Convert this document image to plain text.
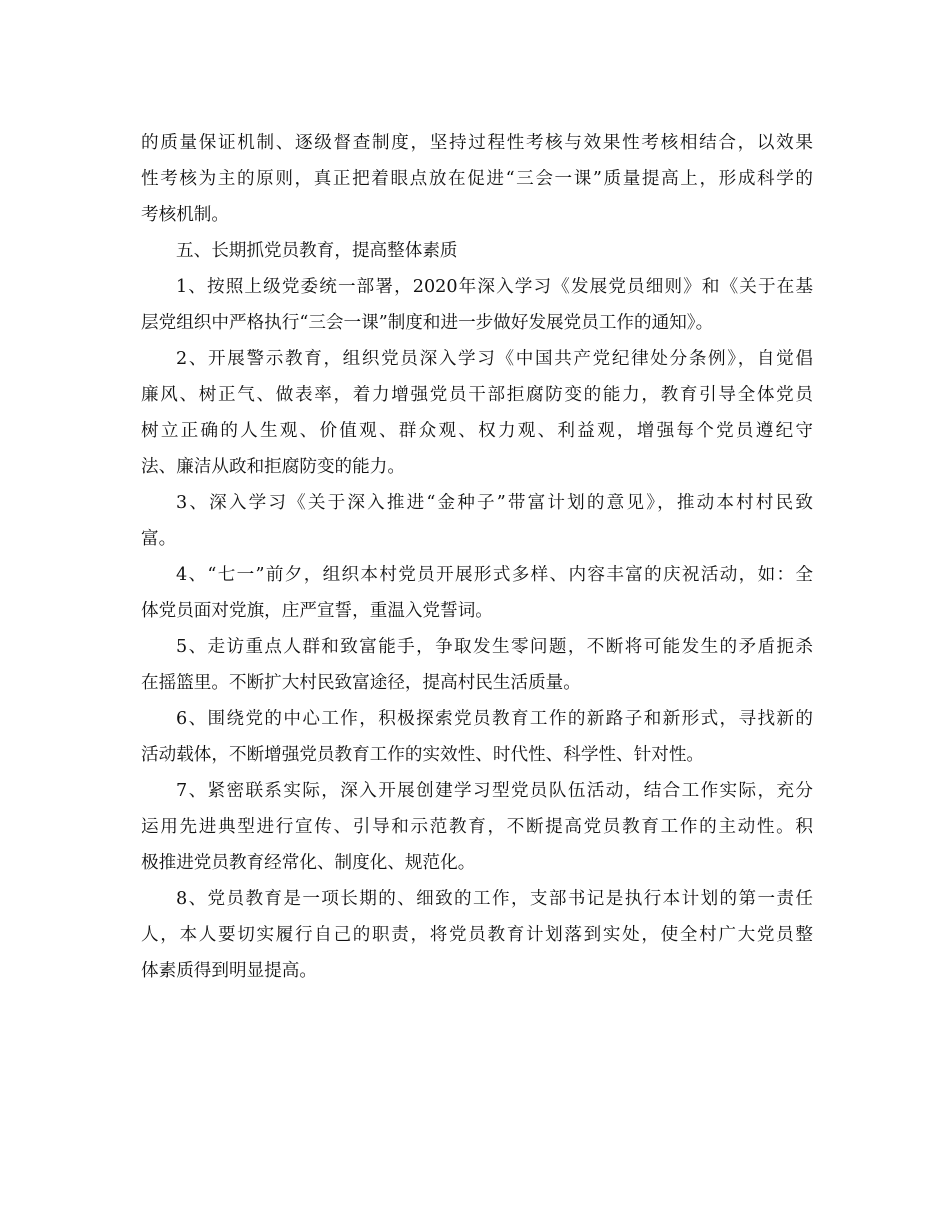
的质量保证机制、逐级督查制度，坚持过程性考核与效果性考核相结合，以效果
性考核为主的原则，真正把着眼点放在促进“三会一课”质量提高上，形成科学的
考核机制。
五、长期抓党员教育，提高整体素质
1、按照上级党委统一部署，2020年深入学习《发展党员细则》和《关于在基
层党组织中严格执行“三会一课”制度和进一步做好发展党员工作的通知》。
2、开展警示教育，组织党员深入学习《中国共产党纪律处分条例》，自觉倡
廉风、树正气、做表率，着力增强党员干部拒腐防变的能力，教育引导全体党员
树立正确的人生观、价值观、群众观、权力观、利益观，增强每个党员遵纪守
法、廉洁从政和拒腐防变的能力。
3、深入学习《关于深入推进“金种子”带富计划的意见》，推动本村村民致
富。
4、“七一”前夕，组织本村党员开展形式多样、内容丰富的庆祝活动，如：全
体党员面对党旗，庄严宣誓，重温入党誓词。
5、走访重点人群和致富能手，争取发生零问题，不断将可能发生的矛盾扼杀
在摇篮里。不断扩大村民致富途径，提高村民生活质量。
6、围绕党的中心工作，积极探索党员教育工作的新路子和新形式，寻找新的
活动载体，不断增强党员教育工作的实效性、时代性、科学性、针对性。
7、紧密联系实际，深入开展创建学习型党员队伍活动，结合工作实际，充分
运用先进典型进行宣传、引导和示范教育，不断提高党员教育工作的主动性。积
极推进党员教育经常化、制度化、规范化。
8、党员教育是一项长期的、细致的工作，支部书记是执行本计划的第一责任
人，本人要切实履行自己的职责，将党员教育计划落到实处，使全村广大党员整
体素质得到明显提高。
